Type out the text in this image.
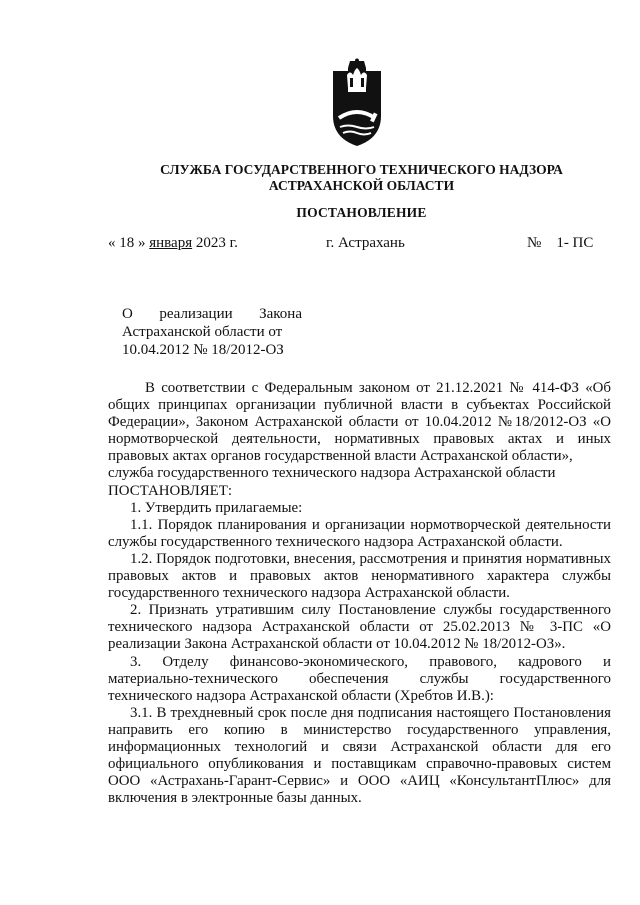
СЛУЖБА ГОСУДАРСТВЕННОГО ТЕХНИЧЕСКОГО НАДЗОРА
АСТРАХАНСКОЙ ОБЛАСТИ
ПОСТАНОВЛЕНИЕ
« 18 » января 2023 г.	г. Астрахань	№ 1- ПС
О реализации Закона
Астраханской области от
10.04.2012 № 18/2012-ОЗ

В соответствии с Федеральным законом от 21.12.2021 № 414-ФЗ «Об общих принципах организации публичной власти в субъектах Российской Федерации», Законом Астраханской области от 10.04.2012 №18/2012-ОЗ «О нормотворческой деятельности, нормативных правовых актах и иных правовых актах органов государственной власти Астраханской области»,

служба государственного технического надзора Астраханской области

ПОСТАНОВЛЯЕТ:

1. Утвердить прилагаемые:

1.1. Порядок планирования и организации нормотворческой деятельности службы государственного технического надзора Астраханской области.

1.2. Порядок подготовки, внесения, рассмотрения и принятия нормативных правовых актов и правовых актов ненормативного характера службы государственного технического надзора Астраханской области.

2. Признать утратившим силу Постановление службы государственного технического надзора Астраханской области от 25.02.2013 № 3-ПС «О реализации Закона Астраханской области от 10.04.2012 № 18/2012-ОЗ».

3. Отделу финансово-экономического, правового, кадрового и материально-технического обеспечения службы государственного технического надзора Астраханской области (Хребтов И.В.):

3.1. В трехдневный срок после дня подписания настоящего Постановления направить его копию в министерство государственного управления, информационных технологий и связи Астраханской области для его официального опубликования и поставщикам справочно-правовых систем ООО «Астрахань-Гарант-Сервис» и ООО «АИЦ «КонсультантПлюс» для включения в электронные базы данных.
